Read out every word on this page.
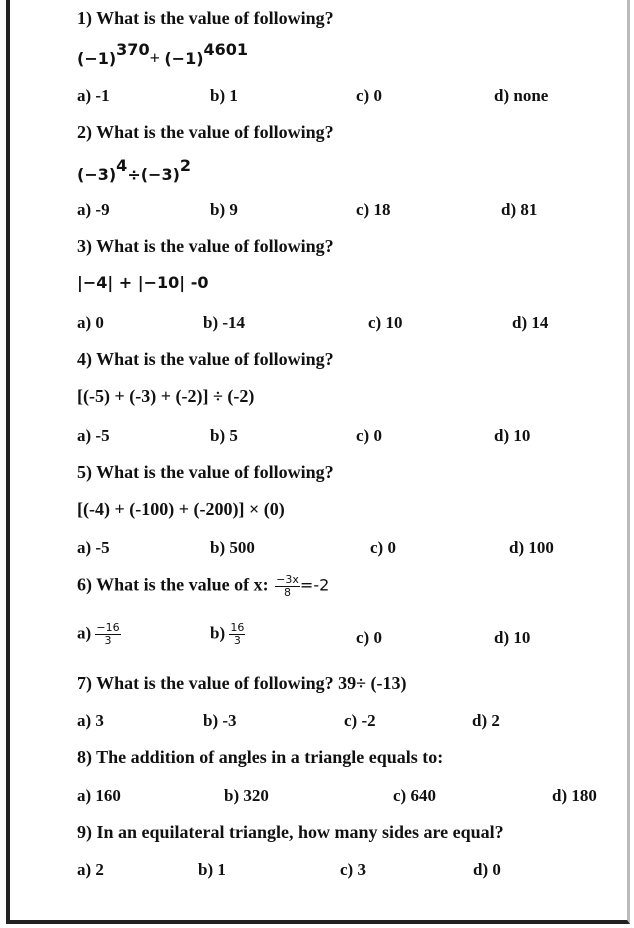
1) What is the value of following?
$(-1)^{370}+ (-1)^{4601}$
a) -1	b) 1	c) 0	d) none
2) What is the value of following?
$(-3)^4\div(-3)^2$
a) -9	b) 9	c) 18	d) 81
3) What is the value of following?
|−4| + |−10| -0
a) 0	b) -14	c) 10	d) 14
4) What is the value of following?
[(-5) + (-3) + (-2)] ÷ (-2)
a) -5	b) 5	c) 0	d) 10
5) What is the value of following?
[(-4) + (-100) + (-200)] × (0)
a) -5	b) 500	c) 0	d) 100
6) What is the value of x: $\frac{-3x}{8} =-2$
$a) \frac{-16}{3}$	$b) \frac{16}{3}$	c) 0	d) 10
7) What is the value of following? 39÷ (-13)
a) 3	b) -3	c) -2	d) 2
8) The addition of angles in a triangle equals to:
a) 160	b) 320	c) 640	d) 180
9) In an equilateral triangle, how many sides are equal?
a) 2	b) 1	c) 3	d) 0
